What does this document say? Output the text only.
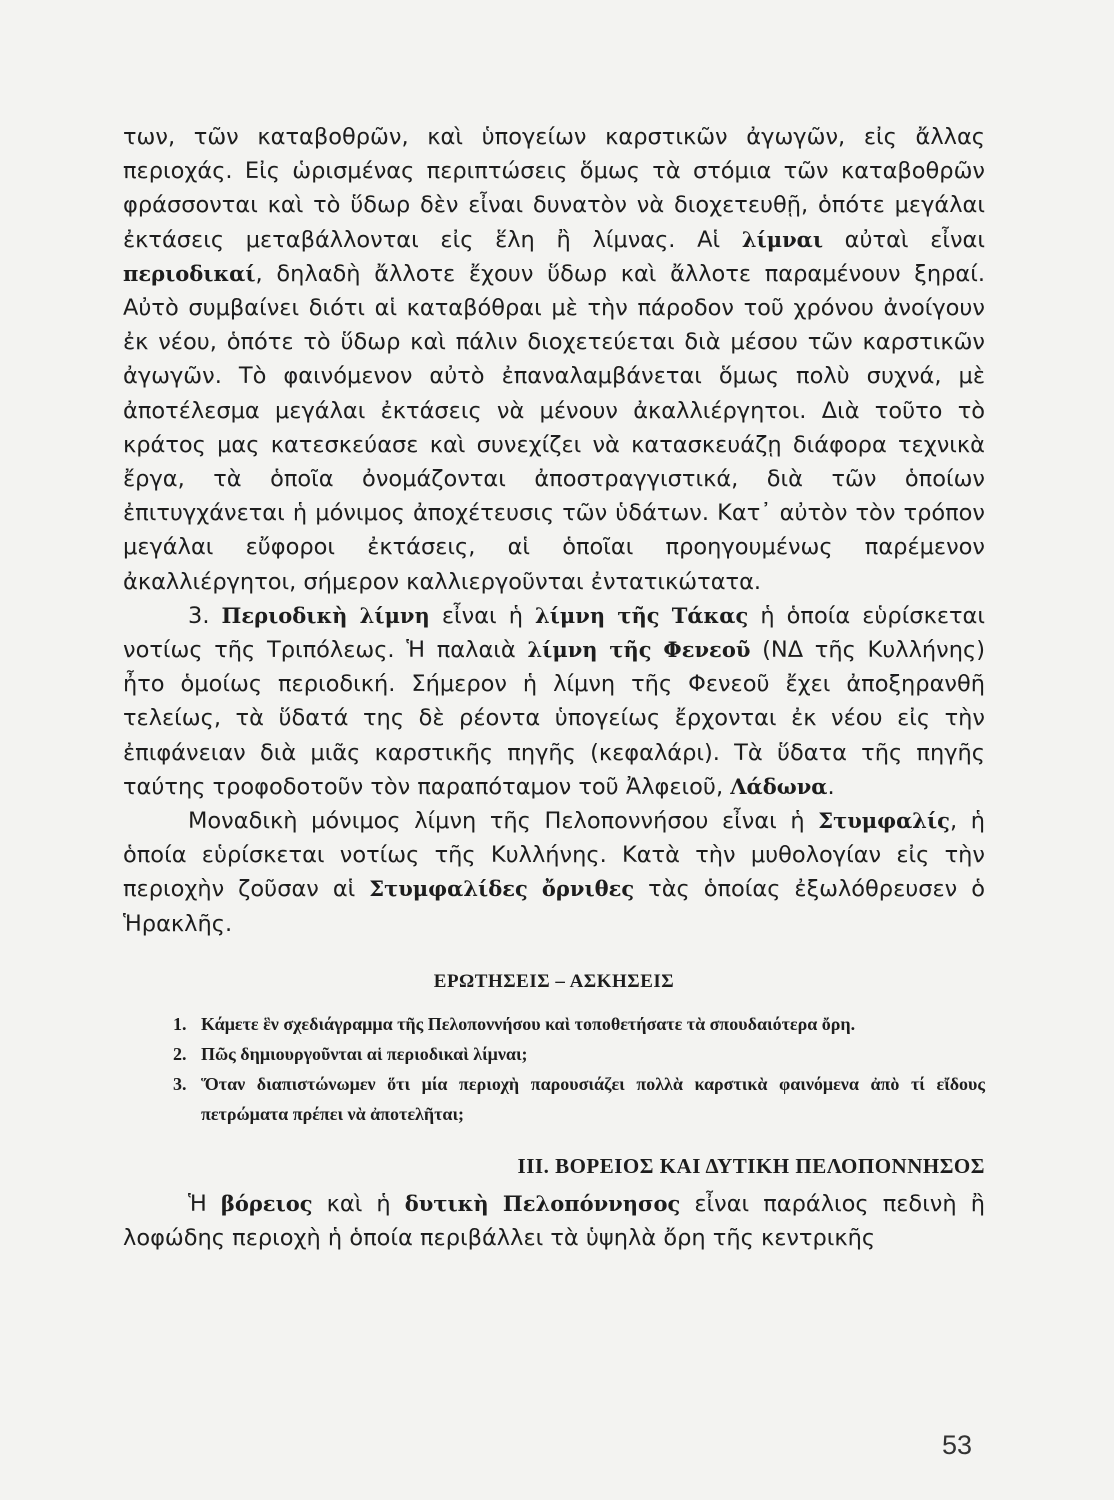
των, τῶν καταβοθρῶν, καὶ ὑπογείων καρστικῶν ἀγωγῶν, εἰς ἄλλας περιοχάς. Εἰς ὡρισμένας περιπτώσεις ὅμως τὰ στόμια τῶν καταβοθρῶν φράσσονται καὶ τὸ ὕδωρ δὲν εἶναι δυνατὸν νὰ διοχετευθῇ, ὁπότε μεγάλαι ἐκτάσεις μεταβάλλονται εἰς ἕλη ἢ λίμνας. Αἱ λίμναι αὐταὶ εἶναι περιοδικαί, δηλαδὴ ἄλλοτε ἔχουν ὕδωρ καὶ ἄλλοτε παραμένουν ξηραί. Αὐτὸ συμβαίνει διότι αἱ καταβόθραι μὲ τὴν πάροδον τοῦ χρόνου ἀνοίγουν ἐκ νέου, ὁπότε τὸ ὕδωρ καὶ πάλιν διοχετεύεται διὰ μέσου τῶν καρστικῶν ἀγωγῶν. Τὸ φαινόμενον αὐτὸ ἐπαναλαμβάνεται ὅμως πολὺ συχνά, μὲ ἀποτέλεσμα μεγάλαι ἐκτάσεις νὰ μένουν ἀκαλλιέργητοι. Διὰ τοῦτο τὸ κράτος μας κατεσκεύασε καὶ συνεχίζει νὰ κατασκευάζῃ διάφορα τεχνικὰ ἔργα, τὰ ὁποῖα ὀνομάζονται ἀποστραγγιστικά, διὰ τῶν ὁποίων ἐπιτυγχάνεται ἡ μόνιμος ἀποχέτευσις τῶν ὑδάτων. Κατ᾽ αὐτὸν τὸν τρόπον μεγάλαι εὔφοροι ἐκτάσεις, αἱ ὁποῖαι προηγουμένως παρέμενον ἀκαλλιέργητοι, σήμερον καλλιεργοῦνται ἐντατικώτατα.

3. Περιοδικὴ λίμνη εἶναι ἡ λίμνη τῆς Τάκας ἡ ὁποία εὑρίσκεται νοτίως τῆς Τριπόλεως. Ἡ παλαιὰ λίμνη τῆς Φενεοῦ (ΝΔ τῆς Κυλλήνης) ἦτο ὁμοίως περιοδική. Σήμερον ἡ λίμνη τῆς Φενεοῦ ἔχει ἀποξηρανθῆ τελείως, τὰ ὕδατά της δὲ ρέοντα ὑπογείως ἔρχονται ἐκ νέου εἰς τὴν ἐπιφάνειαν διὰ μιᾶς καρστικῆς πηγῆς (κεφαλάρι). Τὰ ὕδατα τῆς πηγῆς ταύτης τροφοδοτοῦν τὸν παραπόταμον τοῦ Ἀλφειοῦ, Λάδωνα.

Μοναδικὴ μόνιμος λίμνη τῆς Πελοποννήσου εἶναι ἡ Στυμφαλίς, ἡ ὁποία εὑρίσκεται νοτίως τῆς Κυλλήνης. Κατὰ τὴν μυθολογίαν εἰς τὴν περιοχὴν ζοῦσαν αἱ Στυμφαλίδες ὄρνιθες τὰς ὁποίας ἐξωλόθρευσεν ὁ Ἡρακλῆς.

ΕΡΩΤΗΣΕΙΣ – ΑΣΚΗΣΕΙΣ
1. Κάμετε ἓν σχεδιάγραμμα τῆς Πελοποννήσου καὶ τοποθετήσατε τὰ σπουδαιότερα ὄρη.
2. Πῶς δημιουργοῦνται αἱ περιοδικαὶ λίμναι;
3. Ὅταν διαπιστώνωμεν ὅτι μία περιοχὴ παρουσιάζει πολλὰ καρστικὰ φαινόμενα ἀπὸ τί εἴδους πετρώματα πρέπει νὰ ἀποτελῆται;
III. ΒΟΡΕΙΟΣ ΚΑΙ ΔΥΤΙΚΗ ΠΕΛΟΠΟΝΝΗΣΟΣ

Ἡ βόρειος καὶ ἡ δυτικὴ Πελοπόννησος εἶναι παράλιος πεδινὴ ἢ λοφώδης περιοχὴ ἡ ὁποία περιβάλλει τὰ ὑψηλὰ ὄρη τῆς κεντρικῆς

53
